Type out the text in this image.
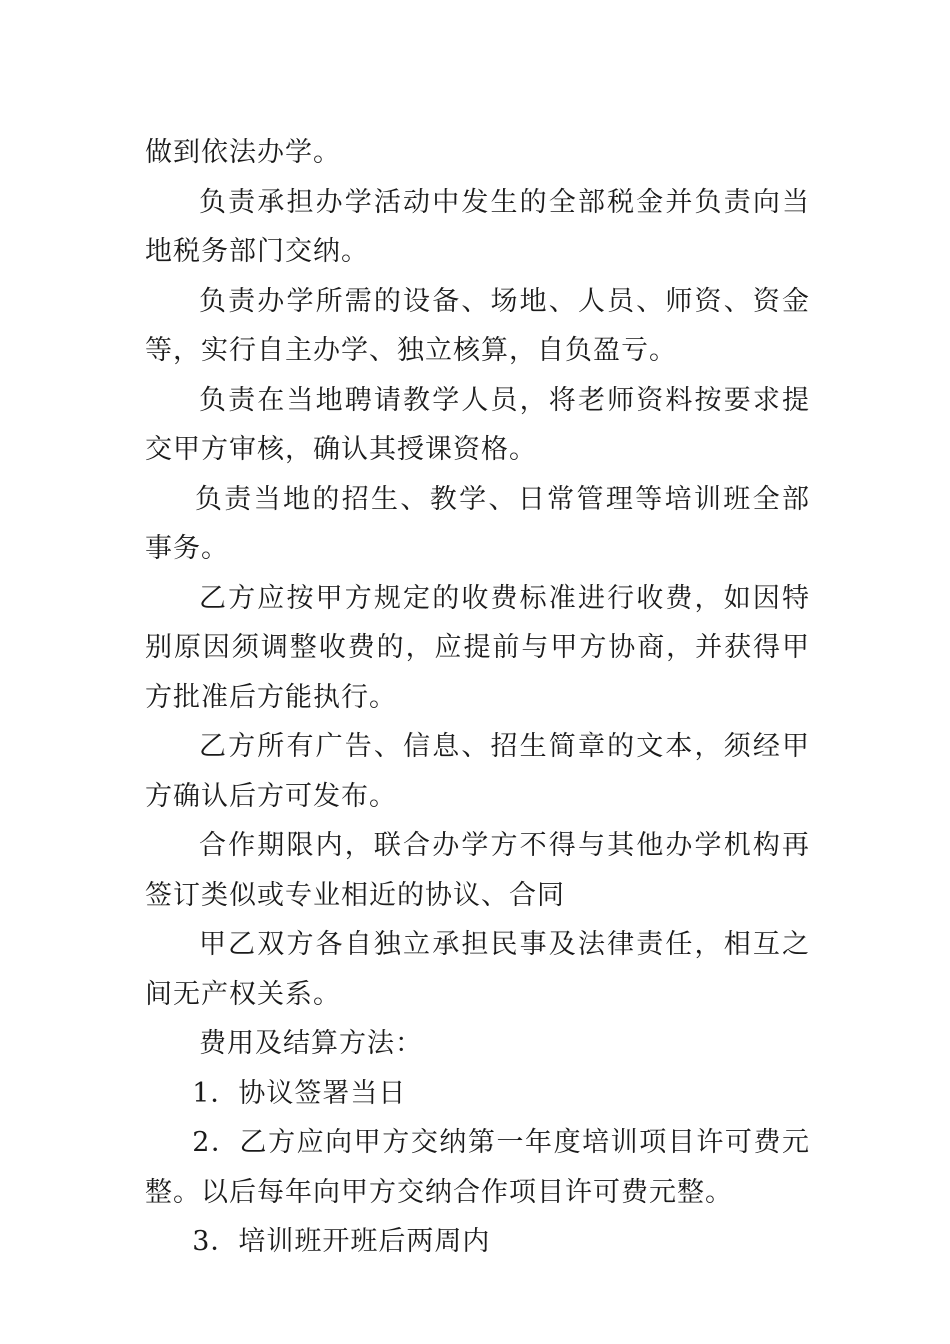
做到依法办学。

负责承担办学活动中发生的全部税金并负责向当地税务部门交纳。

负责办学所需的设备、场地、人员、师资、资金等，实行自主办学、独立核算，自负盈亏。

负责在当地聘请教学人员，将老师资料按要求提交甲方审核，确认其授课资格。

负责当地的招生、教学、日常管理等培训班全部事务。

乙方应按甲方规定的收费标准进行收费，如因特别原因须调整收费的，应提前与甲方协商，并获得甲方批准后方能执行。

乙方所有广告、信息、招生简章的文本，须经甲方确认后方可发布。

合作期限内，联合办学方不得与其他办学机构再签订类似或专业相近的协议、合同

甲乙双方各自独立承担民事及法律责任，相互之间无产权关系。

费用及结算方法：

1．协议签署当日

2．乙方应向甲方交纳第一年度培训项目许可费元整。以后每年向甲方交纳合作项目许可费元整。

3．培训班开班后两周内
